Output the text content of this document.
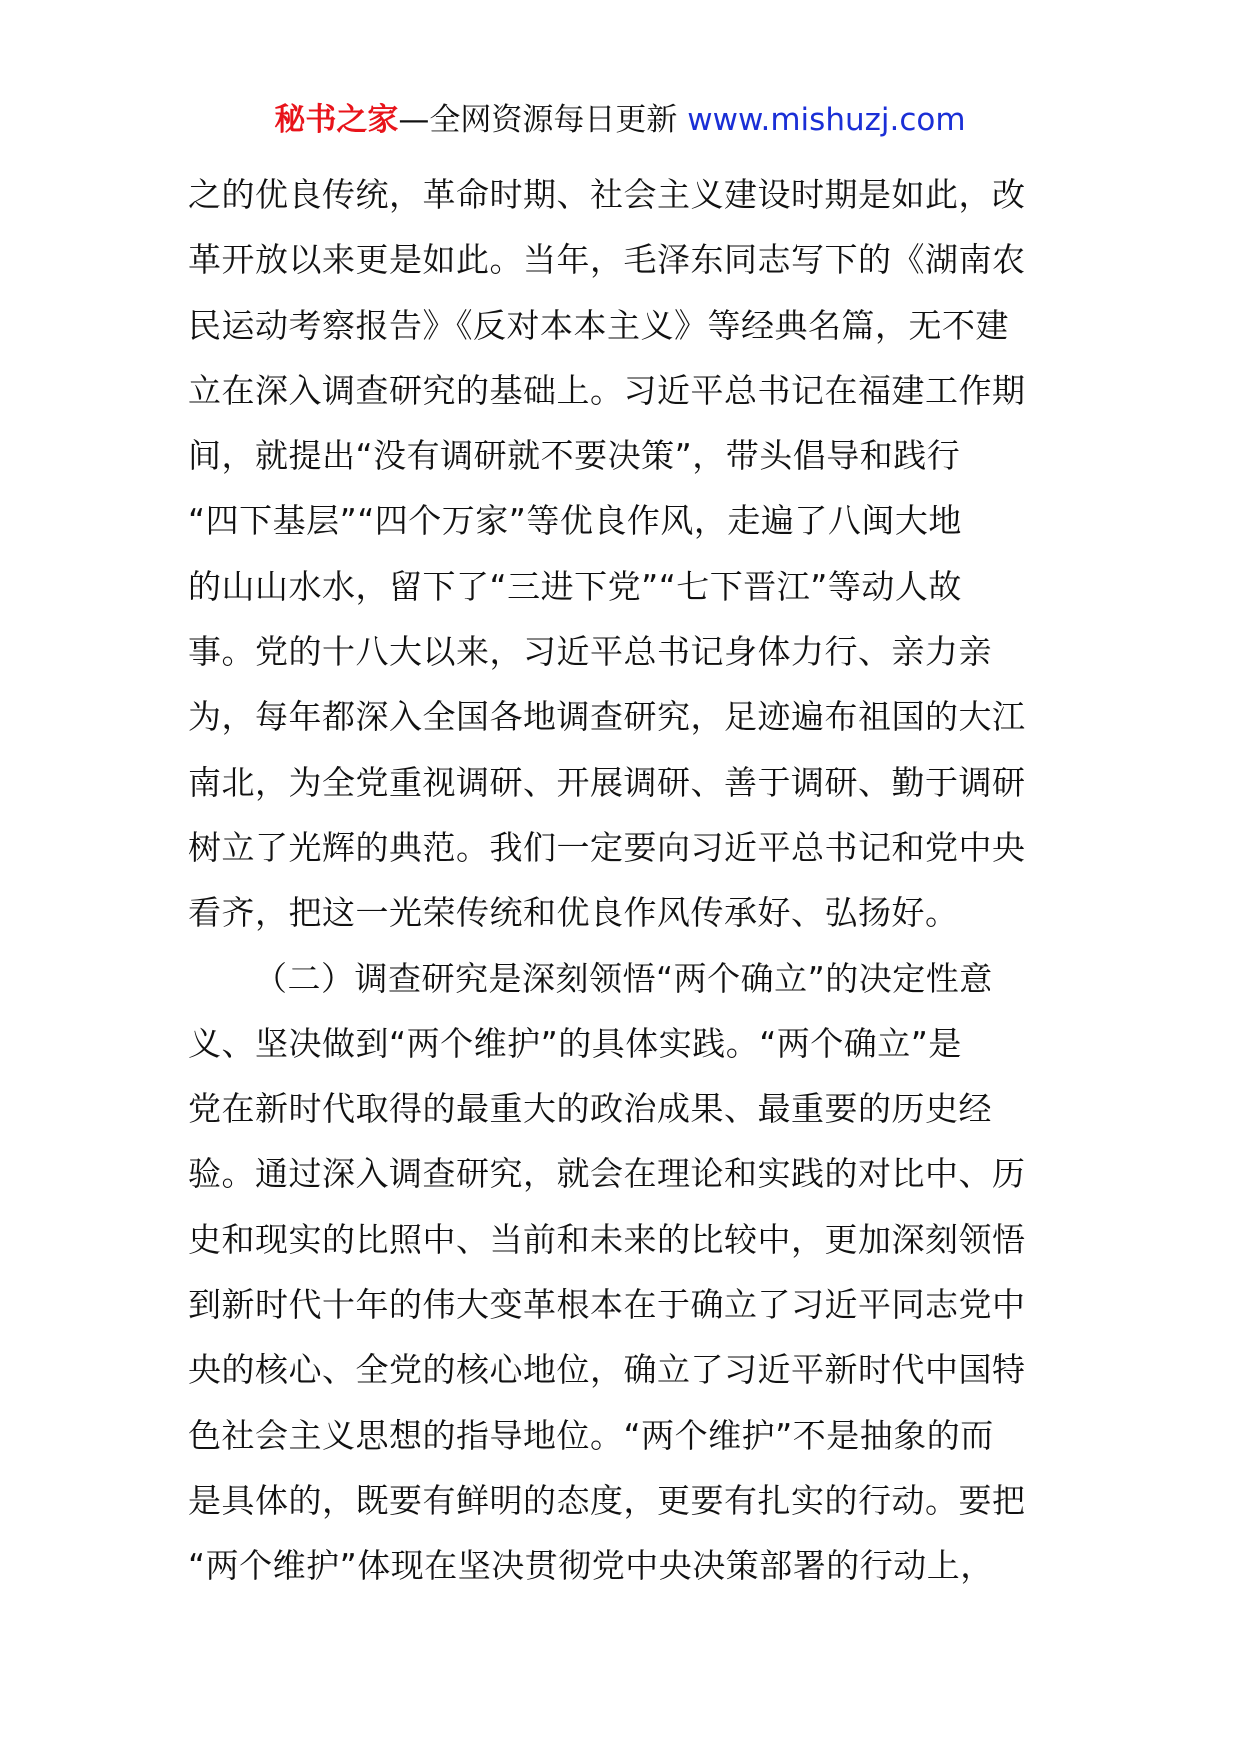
秘书之家—全网资源每日更新 www.mishuzj.com
之的优良传统，革命时期、社会主义建设时期是如此，改
革开放以来更是如此。当年，毛泽东同志写下的《湖南农
民运动考察报告》《反对本本主义》等经典名篇，无不建
立在深入调查研究的基础上。习近平总书记在福建工作期
间，就提出“没有调研就不要决策”，带头倡导和践行
“四下基层”“四个万家”等优良作风，走遍了八闽大地
的山山水水，留下了“三进下党”“七下晋江”等动人故
事。党的十八大以来，习近平总书记身体力行、亲力亲
为，每年都深入全国各地调查研究，足迹遍布祖国的大江
南北，为全党重视调研、开展调研、善于调研、勤于调研
树立了光辉的典范。我们一定要向习近平总书记和党中央
看齐，把这一光荣传统和优良作风传承好、弘扬好。
（二）调查研究是深刻领悟“两个确立”的决定性意
义、坚决做到“两个维护”的具体实践。“两个确立”是
党在新时代取得的最重大的政治成果、最重要的历史经
验。通过深入调查研究，就会在理论和实践的对比中、历
史和现实的比照中、当前和未来的比较中，更加深刻领悟
到新时代十年的伟大变革根本在于确立了习近平同志党中
央的核心、全党的核心地位，确立了习近平新时代中国特
色社会主义思想的指导地位。“两个维护”不是抽象的而
是具体的，既要有鲜明的态度，更要有扎实的行动。要把
“两个维护”体现在坚决贯彻党中央决策部署的行动上，
